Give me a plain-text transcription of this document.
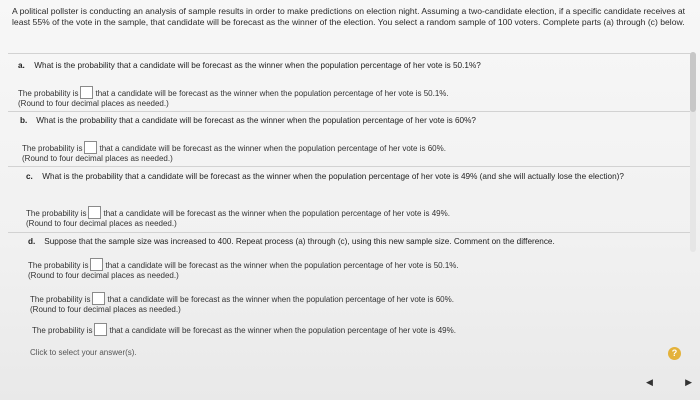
A political pollster is conducting an analysis of sample results in order to make predictions on election night. Assuming a two-candidate election, if a specific candidate receives at least 55% of the vote in the sample, that candidate will be forecast as the winner of the election. You select a random sample of 100 voters. Complete parts (a) through (c) below.
a. What is the probability that a candidate will be forecast as the winner when the population percentage of her vote is 50.1%?
The probability is that a candidate will be forecast as the winner when the population percentage of her vote is 50.1%.
(Round to four decimal places as needed.)
b. What is the probability that a candidate will be forecast as the winner when the population percentage of her vote is 60%?
The probability is that a candidate will be forecast as the winner when the population percentage of her vote is 60%.
(Round to four decimal places as needed.)
c. What is the probability that a candidate will be forecast as the winner when the population percentage of her vote is 49% (and she will actually lose the election)?
The probability is that a candidate will be forecast as the winner when the population percentage of her vote is 49%.
(Round to four decimal places as needed.)
d. Suppose that the sample size was increased to 400. Repeat process (a) through (c), using this new sample size. Comment on the difference.
The probability is that a candidate will be forecast as the winner when the population percentage of her vote is 50.1%.
(Round to four decimal places as needed.)
The probability is that a candidate will be forecast as the winner when the population percentage of her vote is 60%.
(Round to four decimal places as needed.)
The probability is that a candidate will be forecast as the winner when the population percentage of her vote is 49%.
Click to select your answer(s).	?
◀	▶
